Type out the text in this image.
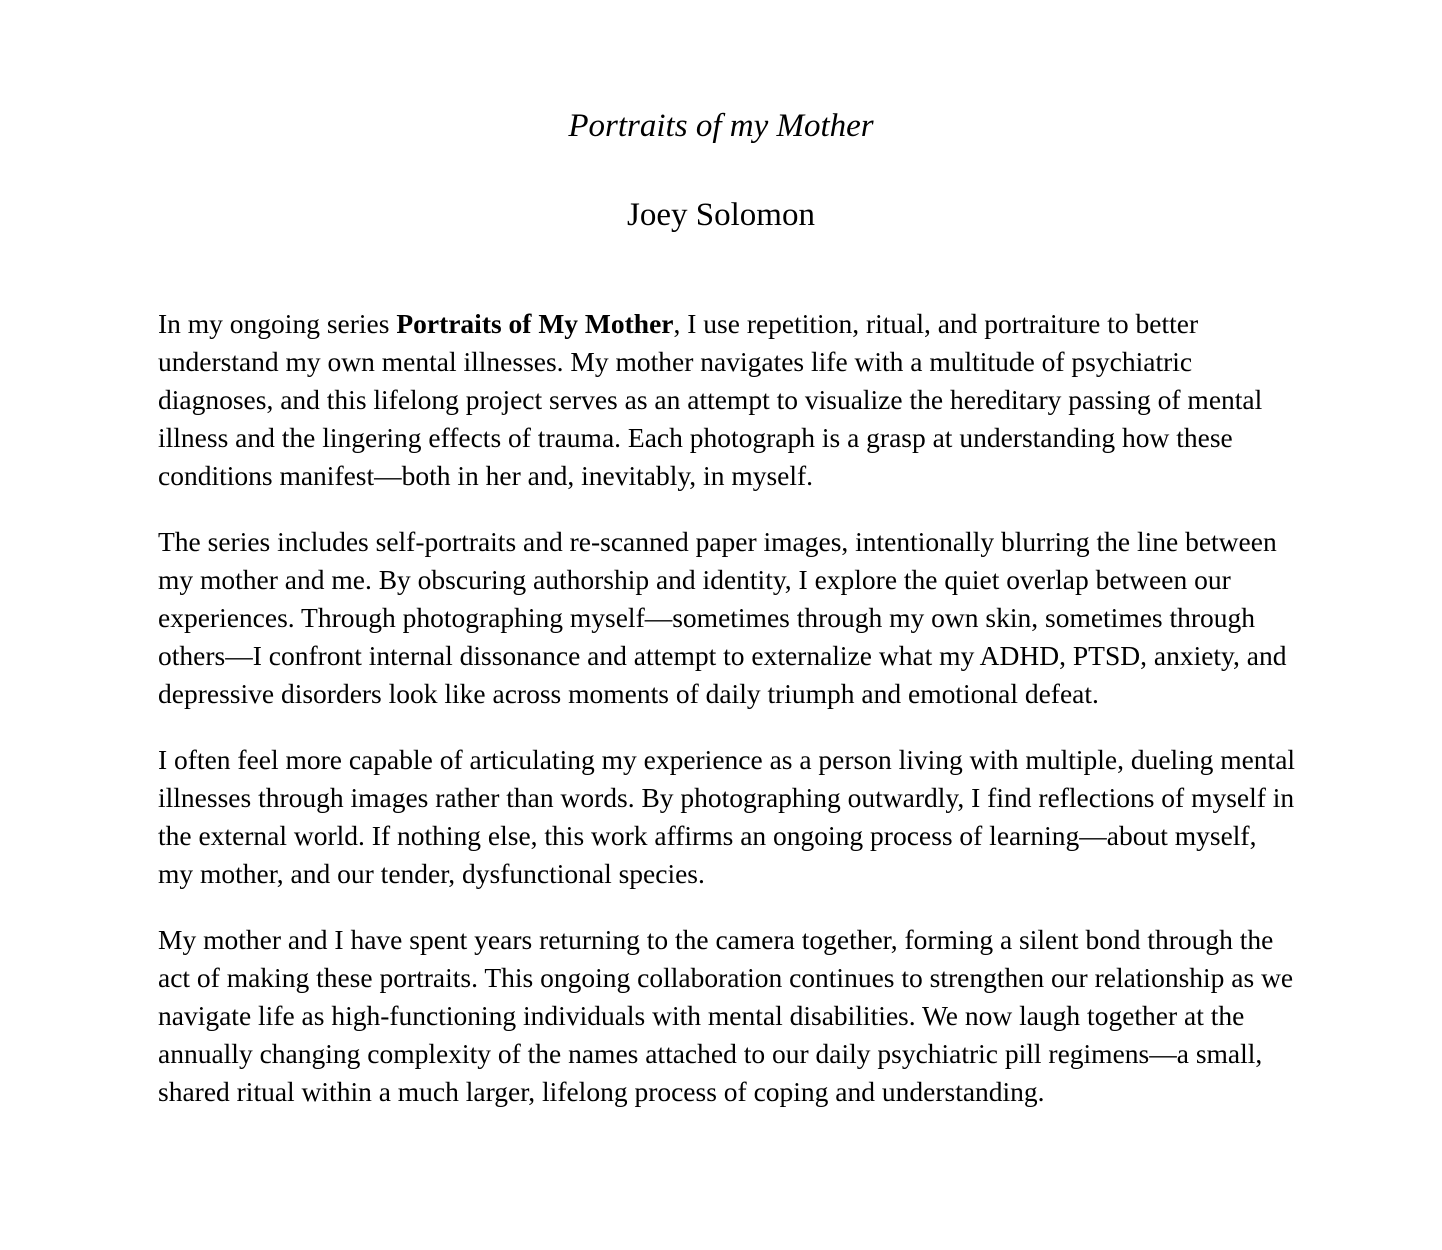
Portraits of my Mother
Joey Solomon

In my ongoing series Portraits of My Mother, I use repetition, ritual, and portraiture to better understand my own mental illnesses. My mother navigates life with a multitude of psychiatric diagnoses, and this lifelong project serves as an attempt to visualize the hereditary passing of mental illness and the lingering effects of trauma. Each photograph is a grasp at understanding how these conditions manifest—both in her and, inevitably, in myself.

The series includes self-portraits and re-scanned paper images, intentionally blurring the line between my mother and me. By obscuring authorship and identity, I explore the quiet overlap between our experiences. Through photographing myself—sometimes through my own skin, sometimes through others—I confront internal dissonance and attempt to externalize what my ADHD, PTSD, anxiety, and depressive disorders look like across moments of daily triumph and emotional defeat.

I often feel more capable of articulating my experience as a person living with multiple, dueling mental illnesses through images rather than words. By photographing outwardly, I find reflections of myself in the external world. If nothing else, this work affirms an ongoing process of learning—about myself, my mother, and our tender, dysfunctional species.

My mother and I have spent years returning to the camera together, forming a silent bond through the act of making these portraits. This ongoing collaboration continues to strengthen our relationship as we navigate life as high-functioning individuals with mental disabilities. We now laugh together at the annually changing complexity of the names attached to our daily psychiatric pill regimens—a small, shared ritual within a much larger, lifelong process of coping and understanding.
